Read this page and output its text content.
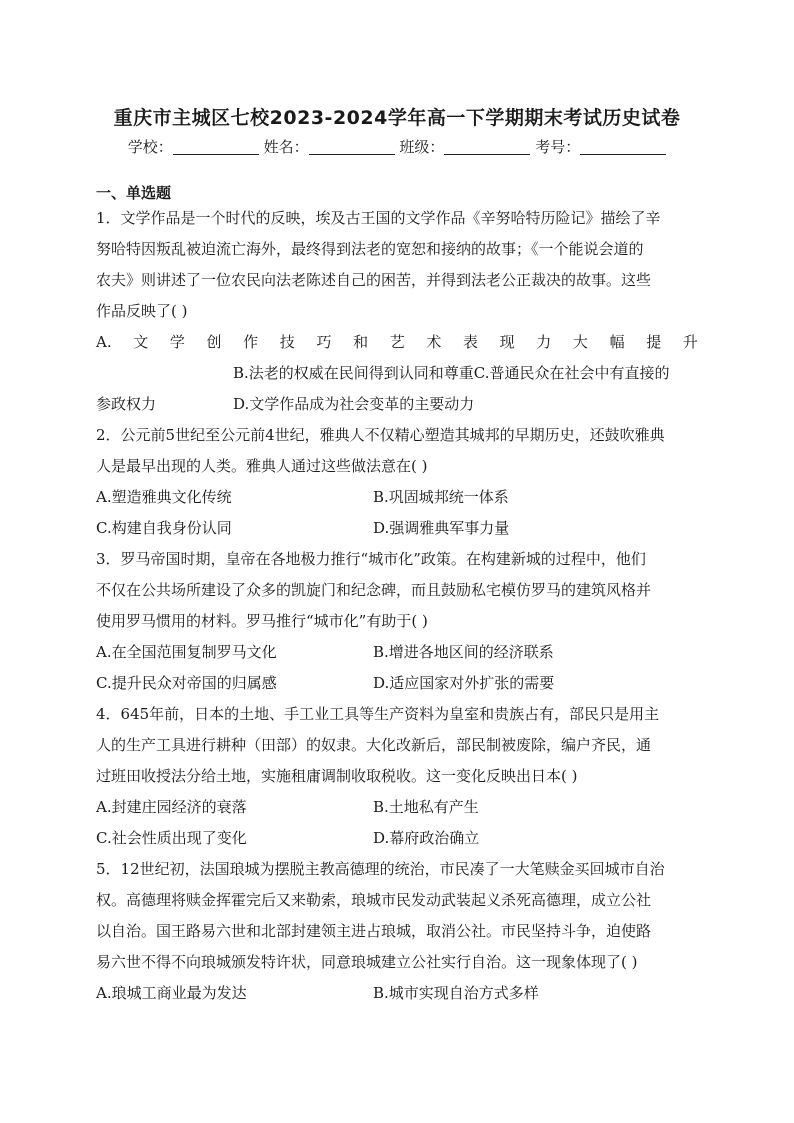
重庆市主城区七校2023-2024学年高一下学期期末考试历史试卷
学校：	姓名：	班级：	考号：
一、单选题

1．文学作品是一个时代的反映，埃及古王国的文学作品《辛努哈特历险记》描绘了辛

努哈特因叛乱被迫流亡海外，最终得到法老的宽恕和接纳的故事；《一个能说会道的

农夫》则讲述了一位农民向法老陈述自己的困苦，并得到法老公正裁决的故事。这些

作品反映了( )

A. 文 学 创 作 技 巧 和 艺 术 表 现 力 大 幅 提 升
B.法老的权威在民间得到认同和尊重C.普通民众在社会中有直接的
参政权力	D.文学作品成为社会变革的主要动力

2．公元前5世纪至公元前4世纪，雅典人不仅精心塑造其城邦的早期历史，还鼓吹雅典

人是最早出现的人类。雅典人通过这些做法意在( )

A.塑造雅典文化传统	B.巩固城邦统一体系
C.构建自我身份认同	D.强调雅典军事力量

3．罗马帝国时期，皇帝在各地极力推行“城市化”政策。在构建新城的过程中，他们

不仅在公共场所建设了众多的凯旋门和纪念碑，而且鼓励私宅模仿罗马的建筑风格并

使用罗马惯用的材料。罗马推行“城市化”有助于( )

A.在全国范围复制罗马文化	B.增进各地区间的经济联系
C.提升民众对帝国的归属感	D.适应国家对外扩张的需要

4．645年前，日本的土地、手工业工具等生产资料为皇室和贵族占有，部民只是用主

人的生产工具进行耕种（田部）的奴隶。大化改新后，部民制被废除，编户齐民，通

过班田收授法分给土地，实施租庸调制收取税收。这一变化反映出日本( )

A.封建庄园经济的衰落	B.土地私有产生
C.社会性质出现了变化	D.幕府政治确立

5．12世纪初，法国琅城为摆脱主教高德理的统治，市民凑了一大笔赎金买回城市自治

权。高德理将赎金挥霍完后又来勒索，琅城市民发动武装起义杀死高德理，成立公社

以自治。国王路易六世和北部封建领主进占琅城，取消公社。市民坚持斗争，迫使路

易六世不得不向琅城颁发特许状，同意琅城建立公社实行自治。这一现象体现了( )

A.琅城工商业最为发达	B.城市实现自治方式多样
